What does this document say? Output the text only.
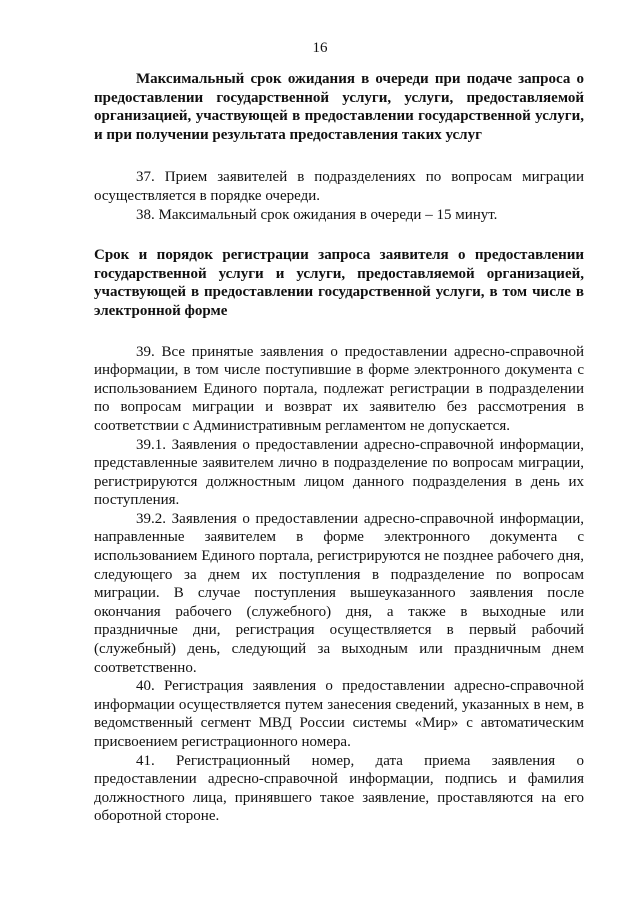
16

Максимальный срок ожидания в очереди при подаче запроса о предоставлении государственной услуги, услуги, предоставляемой организацией, участвующей в предоставлении государственной услуги, и при получении результата предоставления таких услуг

37. Прием заявителей в подразделениях по вопросам миграции осуществляется в порядке очереди.

38. Максимальный срок ожидания в очереди – 15 минут.

Срок и порядок регистрации запроса заявителя о предоставлении государственной услуги и услуги, предоставляемой организацией, участвующей в предоставлении государственной услуги, в том числе в электронной форме

39. Все принятые заявления о предоставлении адресно-справочной информации, в том числе поступившие в форме электронного документа с использованием Единого портала, подлежат регистрации в подразделении по вопросам миграции и возврат их заявителю без рассмотрения в соответствии с Административным регламентом не допускается.

39.1. Заявления о предоставлении адресно-справочной информации, представленные заявителем лично в подразделение по вопросам миграции, регистрируются должностным лицом данного подразделения в день их поступления.

39.2. Заявления о предоставлении адресно-справочной информации, направленные заявителем в форме электронного документа с использованием Единого портала, регистрируются не позднее рабочего дня, следующего за днем их поступления в подразделение по вопросам миграции. В случае поступления вышеуказанного заявления после окончания рабочего (служебного) дня, а также в выходные или праздничные дни, регистрация осуществляется в первый рабочий (служебный) день, следующий за выходным или праздничным днем соответственно.

40. Регистрация заявления о предоставлении адресно-справочной информации осуществляется путем занесения сведений, указанных в нем, в ведомственный сегмент МВД России системы «Мир» с автоматическим присвоением регистрационного номера.

41. Регистрационный номер, дата приема заявления о предоставлении адресно-справочной информации, подпись и фамилия должностного лица, принявшего такое заявление, проставляются на его оборотной стороне.
